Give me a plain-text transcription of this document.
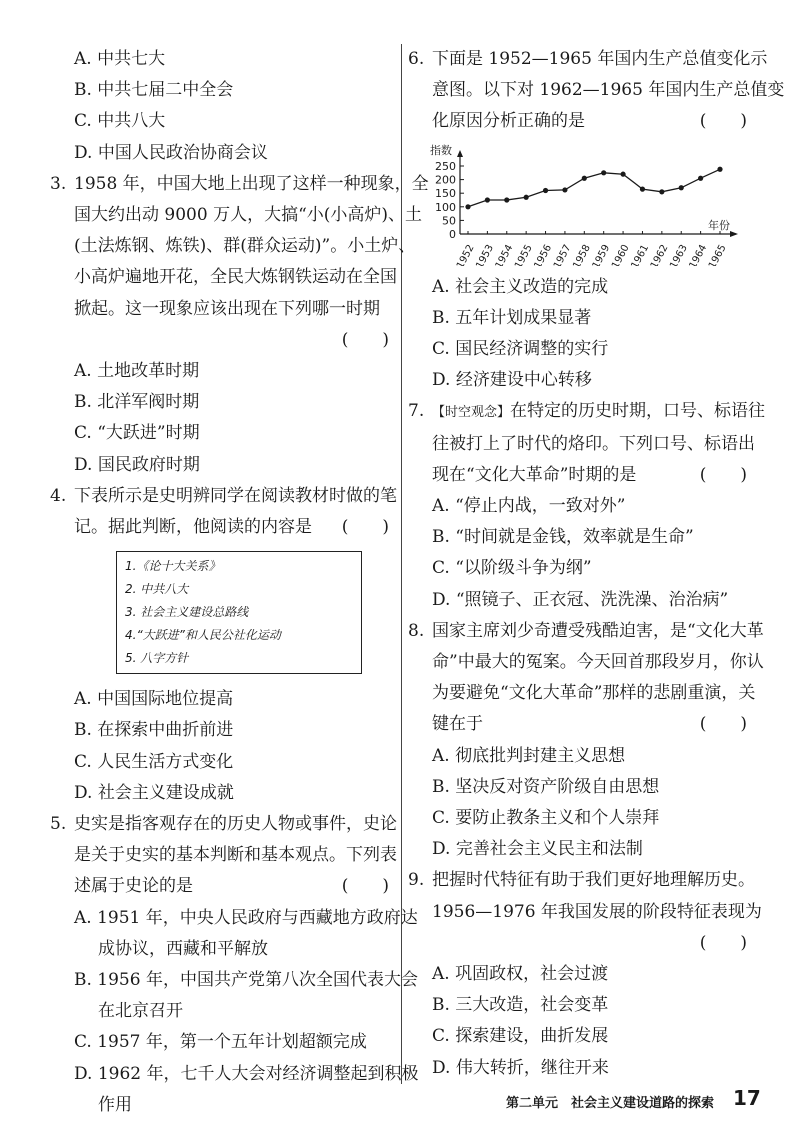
A. 中共七大
B. 中共七届二中全会
C. 中共八大
D. 中国人民政治协商会议
3. 1958 年，中国大地上出现了这样一种现象，全
国大约出动 9000 万人，大搞“小(小高炉)、土
(土法炼钢、炼铁)、群(群众运动)”。小土炉、
小高炉遍地开花，全民大炼钢铁运动在全国
掀起。这一现象应该出现在下列哪一时期
(　　)
A. 土地改革时期
B. 北洋军阀时期
C. “大跃进”时期
D. 国民政府时期
4. 下表所示是史明辨同学在阅读教材时做的笔
记。据此判断，他阅读的内容是 (　　)
1.《论十大关系》
2. 中共八大
3. 社会主义建设总路线
4.“大跃进”和人民公社化运动
5. 八字方针
A. 中国国际地位提高
B. 在探索中曲折前进
C. 人民生活方式变化
D. 社会主义建设成就
5. 史实是指客观存在的历史人物或事件，史论
是关于史实的基本判断和基本观点。下列表
述属于史论的是	(　　)
A. 1951 年，中央人民政府与西藏地方政府达
成协议，西藏和平解放
B. 1956 年，中国共产党第八次全国代表大会
在北京召开
C. 1957 年，第一个五年计划超额完成
D. 1962 年，七千人大会对经济调整起到积极
作用
6. 下面是 1952—1965 年国内生产总值变化示
意图。以下对 1962—1965 年国内生产总值变
化原因分析正确的是	(　　)
指数
年份
0
50
100
150
200
250
1952
1953
1954
1955
1956
1957
1958
1959
1960
1961
1962
1963
1964
1965
A. 社会主义改造的完成
B. 五年计划成果显著
C. 国民经济调整的实行
D. 经济建设中心转移
7. 【时空观念】在特定的历史时期，口号、标语往
往被打上了时代的烙印。下列口号、标语出
现在“文化大革命”时期的是	(　　)
A. “停止内战，一致对外”
B. “时间就是金钱，效率就是生命”
C. “以阶级斗争为纲”
D. “照镜子、正衣冠、洗洗澡、治治病”
8. 国家主席刘少奇遭受残酷迫害，是“文化大革
命”中最大的冤案。今天回首那段岁月，你认
为要避免“文化大革命”那样的悲剧重演，关
键在于	(　　)
A. 彻底批判封建主义思想
B. 坚决反对资产阶级自由思想
C. 要防止教条主义和个人崇拜
D. 完善社会主义民主和法制
9. 把握时代特征有助于我们更好地理解历史。
1956—1976 年我国发展的阶段特征表现为
(　　)
A. 巩固政权，社会过渡
B. 三大改造，社会变革
C. 探索建设，曲折发展
D. 伟大转折，继往开来
第二单元　社会主义建设道路的探索 17
